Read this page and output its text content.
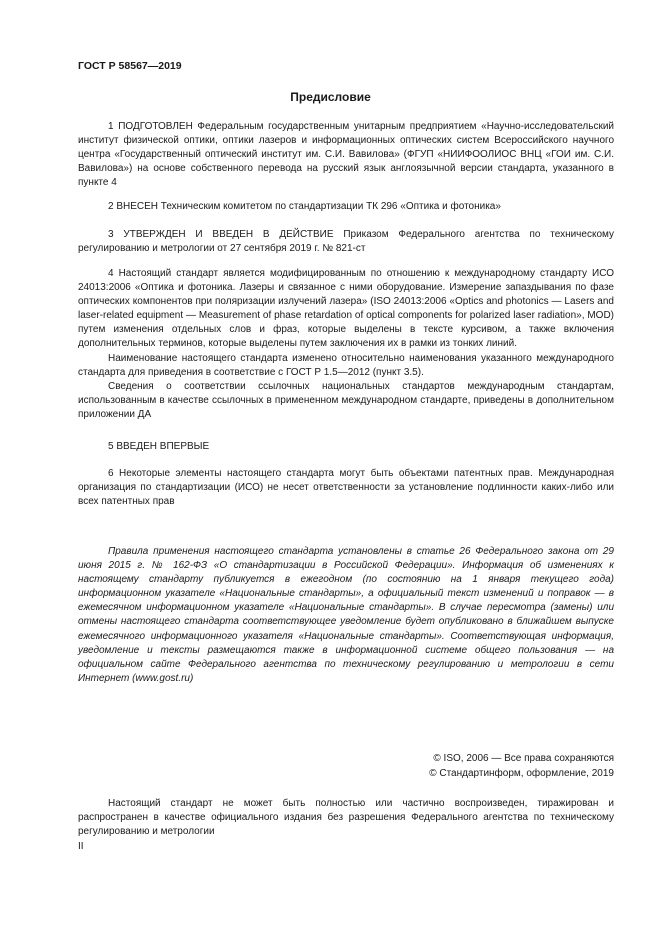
ГОСТ Р 58567—2019
Предисловие

1 ПОДГОТОВЛЕН Федеральным государственным унитарным предприятием «Научно-исследовательский институт физической оптики, оптики лазеров и информационных оптических систем Всероссийского научного центра «Государственный оптический институт им. С.И. Вавилова» (ФГУП «НИИФООЛИОС ВНЦ «ГОИ им. С.И. Вавилова») на основе собственного перевода на русский язык англоязычной версии стандарта, указанного в пункте 4

2 ВНЕСЕН Техническим комитетом по стандартизации ТК 296 «Оптика и фотоника»

3 УТВЕРЖДЕН И ВВЕДЕН В ДЕЙСТВИЕ Приказом Федерального агентства по техническому регулированию и метрологии от 27 сентября 2019 г. № 821-ст

4 Настоящий стандарт является модифицированным по отношению к международному стандарту ИСО 24013:2006 «Оптика и фотоника. Лазеры и связанное с ними оборудование. Измерение запаздывания по фазе оптических компонентов при поляризации излучений лазера» (ISO 24013:2006 «Optics and photonics — Lasers and laser-related equipment — Measurement of phase retardation of optical components for polarized laser radiation», MOD) путем изменения отдельных слов и фраз, которые выделены в тексте курсивом, а также включения дополнительных терминов, которые выделены путем заключения их в рамки из тонких линий.

Наименование настоящего стандарта изменено относительно наименования указанного международного стандарта для приведения в соответствие с ГОСТ Р 1.5—2012 (пункт 3.5).

Сведения о соответствии ссылочных национальных стандартов международным стандартам, использованным в качестве ссылочных в примененном международном стандарте, приведены в дополнительном приложении ДА

5 ВВЕДЕН ВПЕРВЫЕ

6 Некоторые элементы настоящего стандарта могут быть объектами патентных прав. Международная организация по стандартизации (ИСО) не несет ответственности за установление подлинности каких-либо или всех патентных прав

Правила применения настоящего стандарта установлены в статье 26 Федерального закона от 29 июня 2015 г. № 162-ФЗ «О стандартизации в Российской Федерации». Информация об изменениях к настоящему стандарту публикуется в ежегодном (по состоянию на 1 января текущего года) информационном указателе «Национальные стандарты», а официальный текст изменений и поправок — в ежемесячном информационном указателе «Национальные стандарты». В случае пересмотра (замены) или отмены настоящего стандарта соответствующее уведомление будет опубликовано в ближайшем выпуске ежемесячного информационного указателя «Национальные стандарты». Соответствующая информация, уведомление и тексты размещаются также в информационной системе общего пользования — на официальном сайте Федерального агентства по техническому регулированию и метрологии в сети Интернет (www.gost.ru)

© ISO, 2006 — Все права сохраняются
© Стандартинформ, оформление, 2019

Настоящий стандарт не может быть полностью или частично воспроизведен, тиражирован и распространен в качестве официального издания без разрешения Федерального агентства по техническому регулированию и метрологии

II
